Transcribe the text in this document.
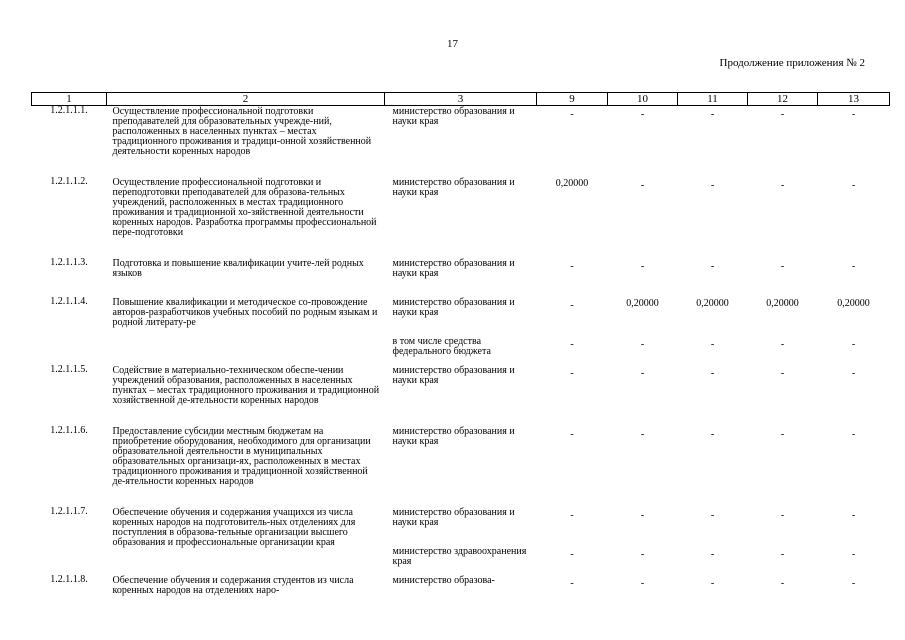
17
Продолжение приложения № 2
1	2	3	9	10	11	12	13
1.2.1.1.1.	Осуществление профессиональной подготовки преподавателей для образовательных учрежде-ний, расположенных в населенных пунктах – местах традиционного проживания и традици-онной хозяйственной деятельности коренных народов	министерство образования и науки края	-	-	-	-	-
1.2.1.1.2.	Осуществление профессиональной подготовки и переподготовки преподавателей для образова-тельных учреждений, расположенных в местах традиционного проживания и традиционной хо-зяйственной деятельности коренных народов. Разработка программы профессиональной пере-подготовки	министерство образования и науки края	0,20000	-	-	-	-
1.2.1.1.3.	Подготовка и повышение квалификации учите-лей родных языков	министерство образования и науки края	-	-	-	-	-
1.2.1.1.4.	Повышение квалификации и методическое со-провождение авторов-разработчиков учебных пособий по родным языкам и родной литерату-ре	министерство образования и науки края	-	0,20000	0,20000	0,20000	0,20000
		в том числе средства федерального бюджета	-	-	-	-	-
1.2.1.1.5.	Содействие в материально-техническом обеспе-чении учреждений образования, расположенных в населенных пунктах – местах традиционного проживания и традиционной хозяйственной де-ятельности коренных народов	министерство образования и науки края	-	-	-	-	-
1.2.1.1.6.	Предоставление субсидии местным бюджетам на приобретение оборудования, необходимого для организации образовательной деятельности в муниципальных образовательных организаци-ях, расположенных в местах традиционного проживания и традиционной хозяйственной де-ятельности коренных народов	министерство образования и науки края	-	-	-	-	-
1.2.1.1.7.	Обеспечение обучения и содержания учащихся из числа коренных народов на подготовитель-ных отделениях для поступления в образова-тельные организации высшего образования и профессиональные организации края	министерство образования и науки края	-	-	-	-	-
		министерство здравоохранения края	-	-	-	-	-
1.2.1.1.8.	Обеспечение обучения и содержания студентов из числа коренных народов на отделениях наро-	министерство образова-	-	-	-	-	-
